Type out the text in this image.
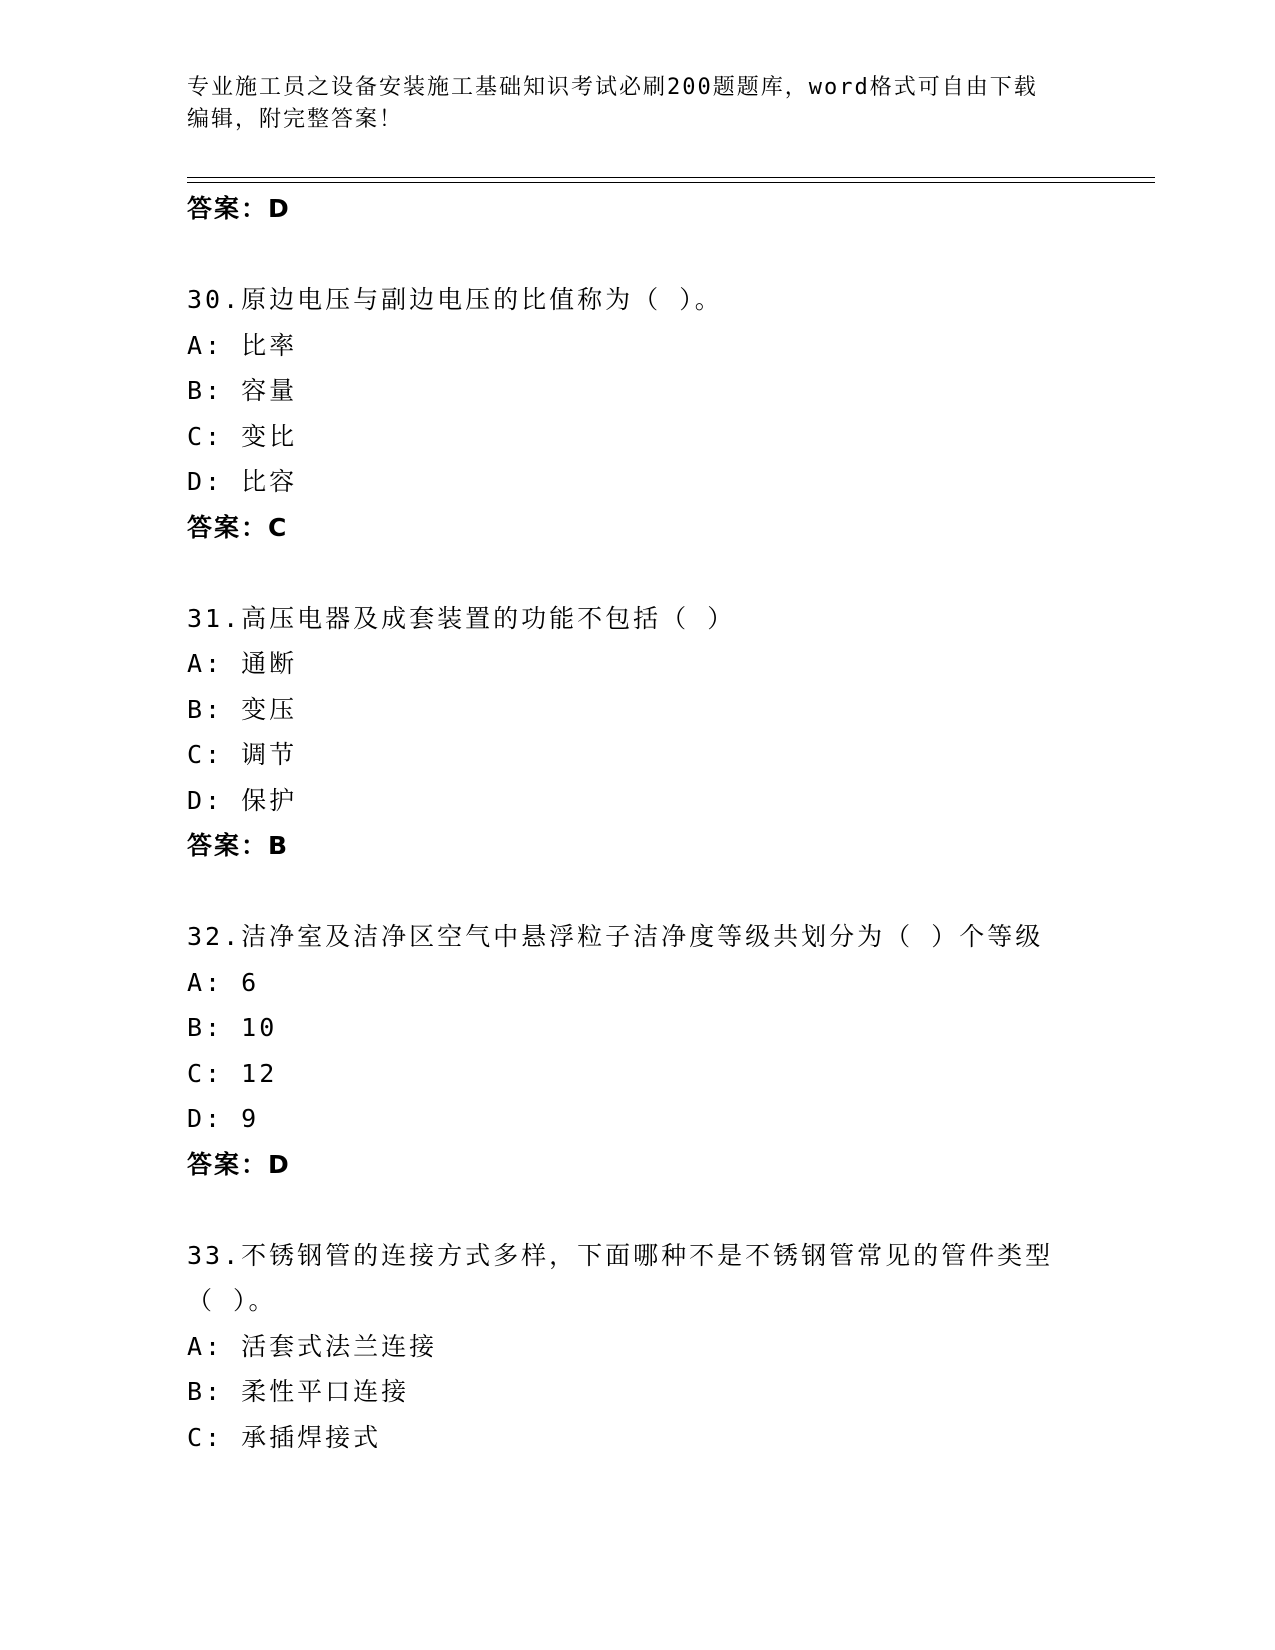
专业施工员之设备安装施工基础知识考试必刷200题题库，word格式可自由下载
编辑，附完整答案！
答案：D
30.原边电压与副边电压的比值称为（ ）。
A: 比率
B: 容量
C: 变比
D: 比容
答案：C
31.高压电器及成套装置的功能不包括（ ）
A: 通断
B: 变压
C: 调节
D: 保护
答案：B
32.洁净室及洁净区空气中悬浮粒子洁净度等级共划分为（ ）个等级
A: 6
B: 10
C: 12
D: 9
答案：D
33.不锈钢管的连接方式多样，下面哪种不是不锈钢管常见的管件类型
（ ）。
A: 活套式法兰连接
B: 柔性平口连接
C: 承插焊接式
